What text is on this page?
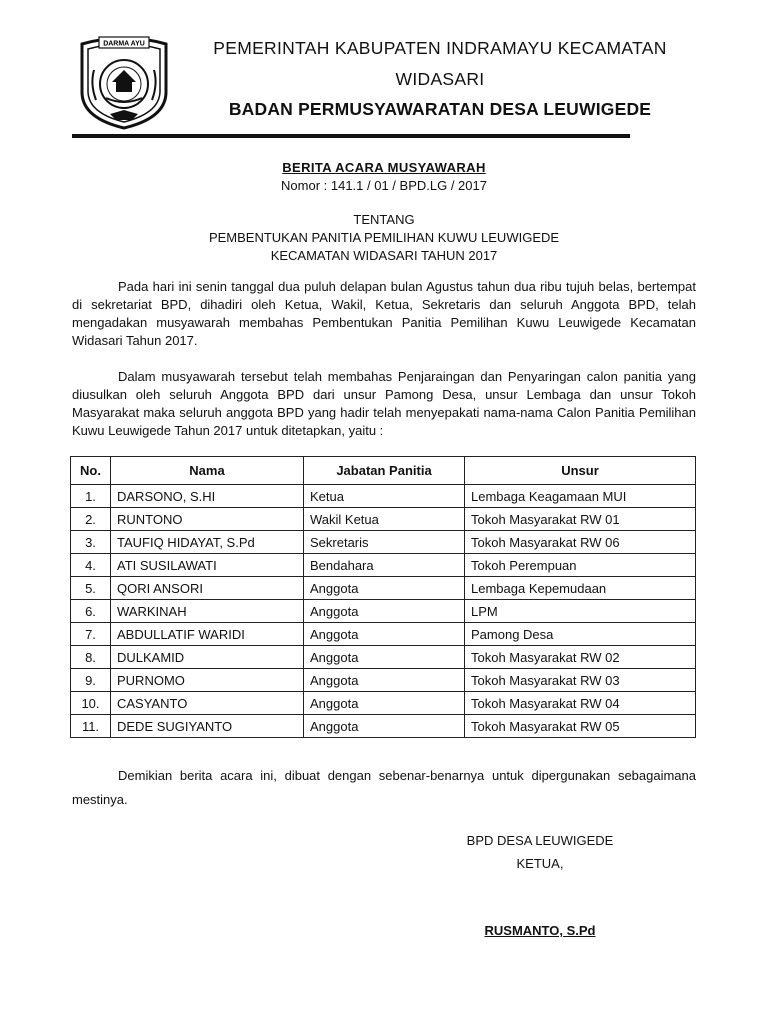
DARMA AYU	PEMERINTAH KABUPATEN INDRAMAYU KECAMATAN
WIDASARI
BADAN PERMUSYAWARATAN DESA LEUWIGEDE
BERITA ACARA MUSYAWARAH
Nomor : 141.1 / 01 / BPD.LG / 2017
TENTANG
PEMBENTUKAN PANITIA PEMILIHAN KUWU LEUWIGEDE
KECAMATAN WIDASARI TAHUN 2017

Pada hari ini senin tanggal dua puluh delapan bulan Agustus tahun dua ribu tujuh belas, bertempat di sekretariat BPD, dihadiri oleh Ketua, Wakil, Ketua, Sekretaris dan seluruh Anggota BPD, telah mengadakan musyawarah membahas Pembentukan Panitia Pemilihan Kuwu Leuwigede Kecamatan Widasari Tahun 2017.

Dalam musyawarah tersebut telah membahas Penjaraingan dan Penyaringan calon panitia yang diusulkan oleh seluruh Anggota BPD dari unsur Pamong Desa, unsur Lembaga dan unsur Tokoh Masyarakat maka seluruh anggota BPD yang hadir telah menyepakati nama-nama Calon Panitia Pemilihan Kuwu Leuwigede Tahun 2017 untuk ditetapkan, yaitu :

No.	Nama	Jabatan Panitia	Unsur
1.	DARSONO, S.HI	Ketua	Lembaga Keagamaan MUI
2.	RUNTONO	Wakil Ketua	Tokoh Masyarakat RW 01
3.	TAUFIQ HIDAYAT, S.Pd	Sekretaris	Tokoh Masyarakat RW 06
4.	ATI SUSILAWATI	Bendahara	Tokoh Perempuan
5.	QORI ANSORI	Anggota	Lembaga Kepemudaan
6.	WARKINAH	Anggota	LPM
7.	ABDULLATIF WARIDI	Anggota	Pamong Desa
8.	DULKAMID	Anggota	Tokoh Masyarakat RW 02
9.	PURNOMO	Anggota	Tokoh Masyarakat RW 03
10.	CASYANTO	Anggota	Tokoh Masyarakat RW 04
11.	DEDE SUGIYANTO	Anggota	Tokoh Masyarakat RW 05

Demikian berita acara ini, dibuat dengan sebenar-benarnya untuk dipergunakan sebagaimana mestinya.

BPD DESA LEUWIGEDE
KETUA,
RUSMANTO, S.Pd
